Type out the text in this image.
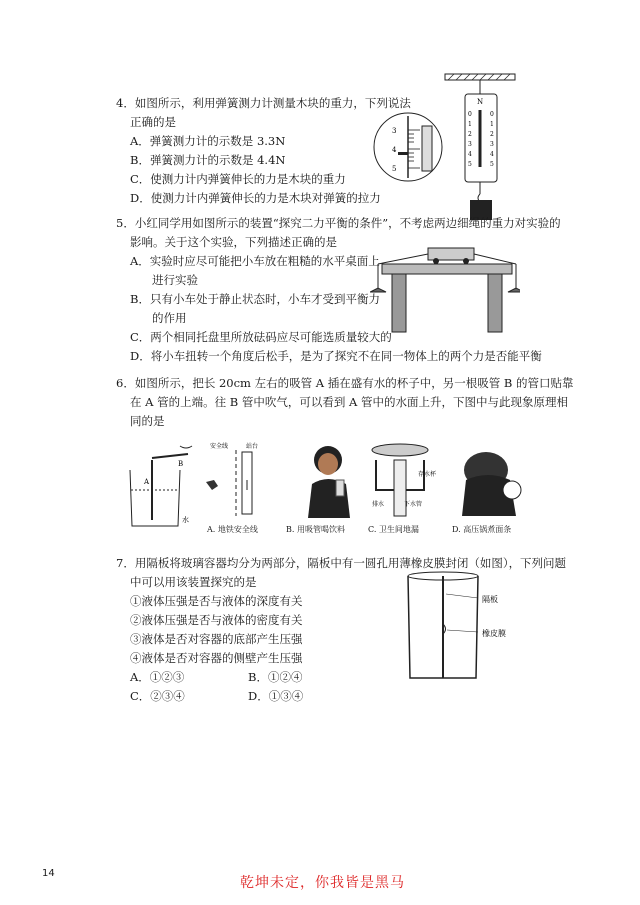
4．如图所示，利用弹簧测力计测量木块的重力，下列说法
正确的是
A．弹簧测力计的示数是 3.3N
B．弹簧测力计的示数是 4.4N
C．使测力计内弹簧伸长的力是木块的重力
D．使测力计内弹簧伸长的力是木块对弹簧的拉力
N
0
1
2
3
4
5
0
1
2
3
4
5
3
4
5
5．小红同学用如图所示的装置“探究二力平衡的条件”，不考虑两边细绳的重力对实验的
影响。关于这个实验，下列描述正确的是
A．实验时应尽可能把小车放在粗糙的水平桌面上
进行实验
B．只有小车处于静止状态时，小车才受到平衡力
的作用
C．两个相同托盘里所放砝码应尽可能选质量较大的
D．将小车扭转一个角度后松手，是为了探究不在同一物体上的两个力是否能平衡
6．如图所示，把长 20cm 左右的吸管 A 插在盛有水的杯子中，另一根吸管 B 的管口贴靠
在 A 管的上端。往 B 管中吹气，可以看到 A 管中的水面上升，下图中与此现象原理相
同的是
A
B
水
安全线	站台
存水杯
排水	下水管
A. 地铁安全线	B. 用吸管喝饮料	C. 卫生间地漏	D. 高压锅煮面条
7．用隔板将玻璃容器均分为两部分，隔板中有一圆孔用薄橡皮膜封闭（如图），下列问题
中可以用该装置探究的是
①液体压强是否与液体的深度有关
②液体压强是否与液体的密度有关
③液体是否对容器的底部产生压强
④液体是否对容器的侧壁产生压强
A．①②③	B．①②④
C．②③④	D．①③④
隔板
橡皮膜
14
乾坤未定，你我皆是黑马
